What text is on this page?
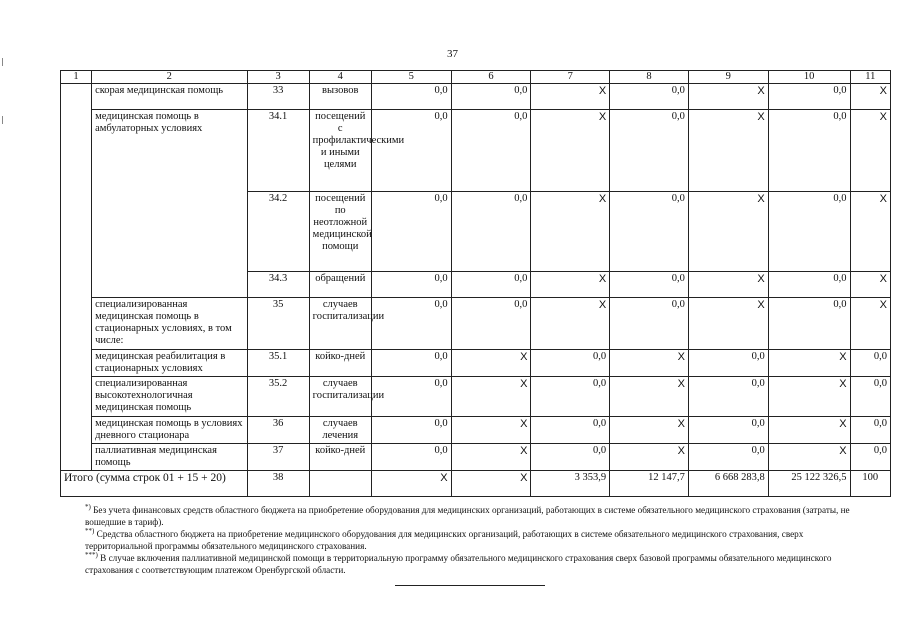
37
1	2	3	4	5	6	7	8	9	10	11
	скорая медицинская помощь	33	вызовов	0,0	0,0	X	0,0	X	0,0	X
	медицинская помощь в амбулаторных условиях	34.1	посещений с профилактическими и иными целями	0,0	0,0	X	0,0	X	0,0	X
		34.2	посещений по неотложной медицинской помощи	0,0	0,0	X	0,0	X	0,0	X
		34.3	обращений	0,0	0,0	X	0,0	X	0,0	X
	специализированная медицинская помощь в стационарных условиях, в том числе:	35	случаев госпитализации	0,0	0,0	X	0,0	X	0,0	X
	медицинская реабилитация в стационарных условиях	35.1	койко-дней	0,0	X	0,0	X	0,0	X	0,0
	специализированная высокотехнологичная медицинская помощь	35.2	случаев госпитализации	0,0	X	0,0	X	0,0	X	0,0
	медицинская помощь в условиях дневного стационара	36	случаев лечения	0,0	X	0,0	X	0,0	X	0,0
	паллиативная медицинская помощь	37	койко-дней	0,0	X	0,0	X	0,0	X	0,0
Итого (сумма строк 01 + 15 + 20)		38		X	X	3 353,9	12 147,7	6 668 283,8	25 122 326,5	100

*) Без учета финансовых средств областного бюджета на приобретение оборудования для медицинских организаций, работающих в системе обязательного медицинского страхования (затраты, не вошедшие в тариф).

**) Средства областного бюджета на приобретение медицинского оборудования для медицинских организаций, работающих в системе обязательного медицинского страхования, сверх территориальной программы обязательного медицинского страхования.

***) В случае включения паллиативной медицинской помощи в территориальную программу обязательного медицинского страхования сверх базовой программы обязательного медицинского страхования с соответствующим платежом Оренбургской области.
